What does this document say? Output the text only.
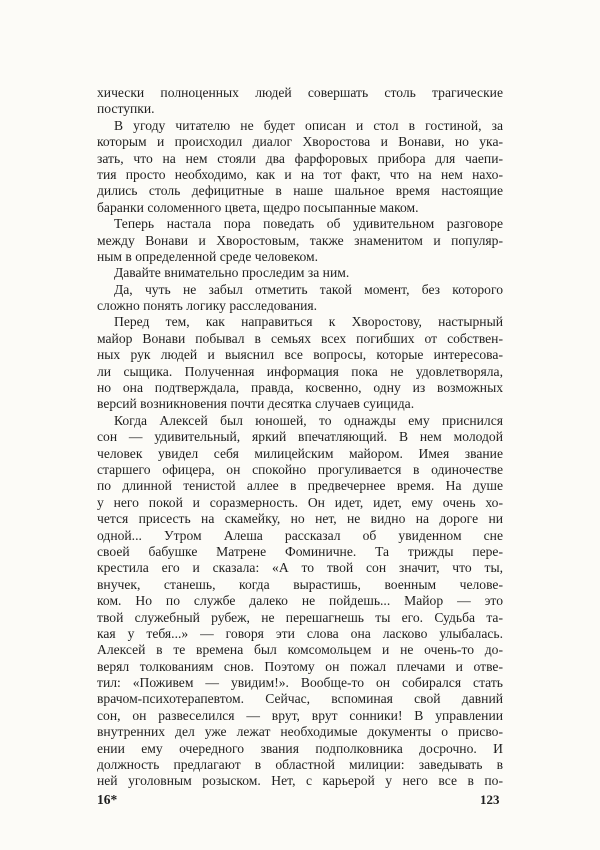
хически полноценных людей совершать столь трагические
поступки.
В угоду читателю не будет описан и стол в гостиной, за
которым и происходил диалог Хворостова и Вонави, но ука-
зать, что на нем стояли два фарфоровых прибора для чаепи-
тия просто необходимо, как и на тот факт, что на нем нахо-
дились столь дефицитные в наше шальное время настоящие
баранки соломенного цвета, щедро посыпанные маком.
Теперь настала пора поведать об удивительном разговоре
между Вонави и Хворостовым, также знаменитом и популяр-
ным в определенной среде человеком.
Давайте внимательно проследим за ним.
Да, чуть не забыл отметить такой момент, без которого
сложно понять логику расследования.
Перед тем, как направиться к Хворостову, настырный
майор Вонави побывал в семьях всех погибших от собствен-
ных рук людей и выяснил все вопросы, которые интересова-
ли сыщика. Полученная информация пока не удовлетворяла,
но она подтверждала, правда, косвенно, одну из возможных
версий возникновения почти десятка случаев суицида.
Когда Алексей был юношей, то однажды ему приснился
сон — удивительный, яркий впечатляющий. В нем молодой
человек увидел себя милицейским майором. Имея звание
старшего офицера, он спокойно прогуливается в одиночестве
по длинной тенистой аллее в предвечернее время. На душе
у него покой и соразмерность. Он идет, идет, ему очень хо-
чется присесть на скамейку, но нет, не видно на дороге ни
одной... Утром Алеша рассказал об увиденном сне
своей бабушке Матрене Фоминичне. Та трижды пере-
крестила его и сказала: «А то твой сон значит, что ты,
внучек, станешь, когда вырастишь, военным челове-
ком. Но по службе далеко не пойдешь... Майор — это
твой служебный рубеж, не перешагнешь ты его. Судьба та-
кая у тебя...» — говоря эти слова она ласково улыбалась.
Алексей в те времена был комсомольцем и не очень-то до-
верял толкованиям снов. Поэтому он пожал плечами и отве-
тил: «Поживем — увидим!». Вообще-то он собирался стать
врачом-психотерапевтом. Сейчас, вспоминая свой давний
сон, он развеселился — врут, врут сонники! В управлении
внутренних дел уже лежат необходимые документы о присво-
ении ему очередного звания подполковника досрочно. И
должность предлагают в областной милиции: заведывать в
ней уголовным розыском. Нет, с карьерой у него все в по-
16*	123
